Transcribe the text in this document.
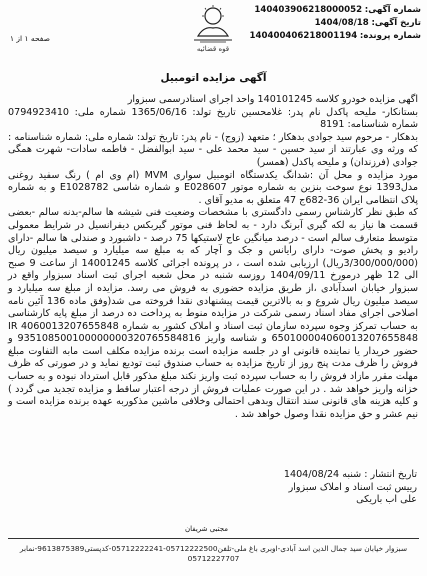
شماره آگهی: 140403906218000052
تاریخ آگهی: 1404/08/18
شماره پرونده: 140400406218001194
قوه قضائیه
صفحه ۱ از ۱
آگهی مزایده اتومبیل

اگهی مزایده خودرو کلاسه 140101245 واحد اجرای اسنادرسمی سبزوار

بستانکار- ملیحه پاکدل نام پدر: غلامحسین تاریخ تولد: 1365/06/16 شماره ملی: 0794923410 شماره شناسنامه: 8191

بدهکار - مرحوم سید جوادی بدهکار ؛ متعهد (زوج) - نام پدر: تاریخ تولد: شماره ملی: شماره شناسنامه : که ورثه وی عبارتند از سید حسین - سید محمد علی - سید ابوالفضل - فاطمه سادات- شهرت همگی جوادی (فرزندان) و ملیحه پاکدل (همسر)

مورد مزایده و محل آن :شدانگ یکدستگاه اتومبیل سواری MVM (ام وی ام ) رنگ سفید روغنی مدل1393 نوع سوخت بنزین به شماره موتور E028607 و شماره شاسی E1028782 و به شماره پلاک انتظامی ایران 36-682ج 47 متعلق به مدیو آقای .

که طبق نظر کارشناس رسمی دادگستری با مشخصات وضعیت فنی شیشه ها سالم-بدنه سالم -بعضی قسمت ها نیاز به لکه گیری آبرنگ دارد - به لحاظ فنی موتور گیربکس دیفرانسیل در شرایط معمولی متوسط متعارف سالم است - درصد میانگین عاج لاستیکها 75 درصد - داشبورد و صندلی ها سالم -دارای رادیو و پخش صوت- دارای رایانس و جک و آچار که به مبلغ سه میلیارد و سیصد میلیون ریال (3/300/000/000ریال) ارزیابی شده است ، در پرونده اجرائی کلاسه 14001245 از ساعت 9 صبح الی 12 ظهر درمورخ 1404/09/11 روزسه شنبه در محل شعبه اجرای ثبت اسناد سبزوار واقع در سبزوار خیابان اسدآبادی ،از طریق مزایده حضوری به فروش می رسد. مزایده از مبلغ سه میلیارد و سیصد میلیون ریال شروع و به بالاترین قیمت پیشنهادی نقدا فروخته می شد(وفق ماده 136 آئین نامه اصلاحی اجرای مفاد اسناد رسمی شرکت در مزایده منوط به پرداخت ده درصد از مبلغ پایه کارشناسی به حساب تمرکز وجوه سپرده سازمان ثبت اسناد و املاک کشور به شماره 4060013207655848 IR 650100004060013207655848 و شناسه واریز 935108500100000000320765584816 و حضور خریدار یا نماینده قانونی او در جلسه مزایده است برنده مزایده مکلف است مابه التفاوت مبلغ فروش را ظرف مدت پنج روز از تاریخ مزایده به حساب صندوق ثبت تودیع نماید و در صورتی که ظرف مهلت مقرر مازاد فروش را به حساب سپرده ثبت واریز نکند مبلغ مذکور قابل استرداد نبوده و به حساب خزانه واریز خواهد شد . در این صورت عملیات فروش از درجه اعتبار ساقط و مزایده تجدید می گردد ) و کلیه هزینه های قانونی سند انتقال وبدهی احتمالی وخلافی ماشین مذکوربه عهده برنده مزایده است و نیم عشر و حق مزایده نقدا وصول خواهد شد .

تاریخ انتشار : شنبه 1404/08/24

رییس ثبت اسناد و املاک سبزوار

علی اب باریکی

مجتبی شریفان
سبزوار خیابان سید جمال الدین اسد آبادی-اوبری باغ ملی-تلفن05712222500-05712222241-کدپستی9613875389-نمابر 05712227707
